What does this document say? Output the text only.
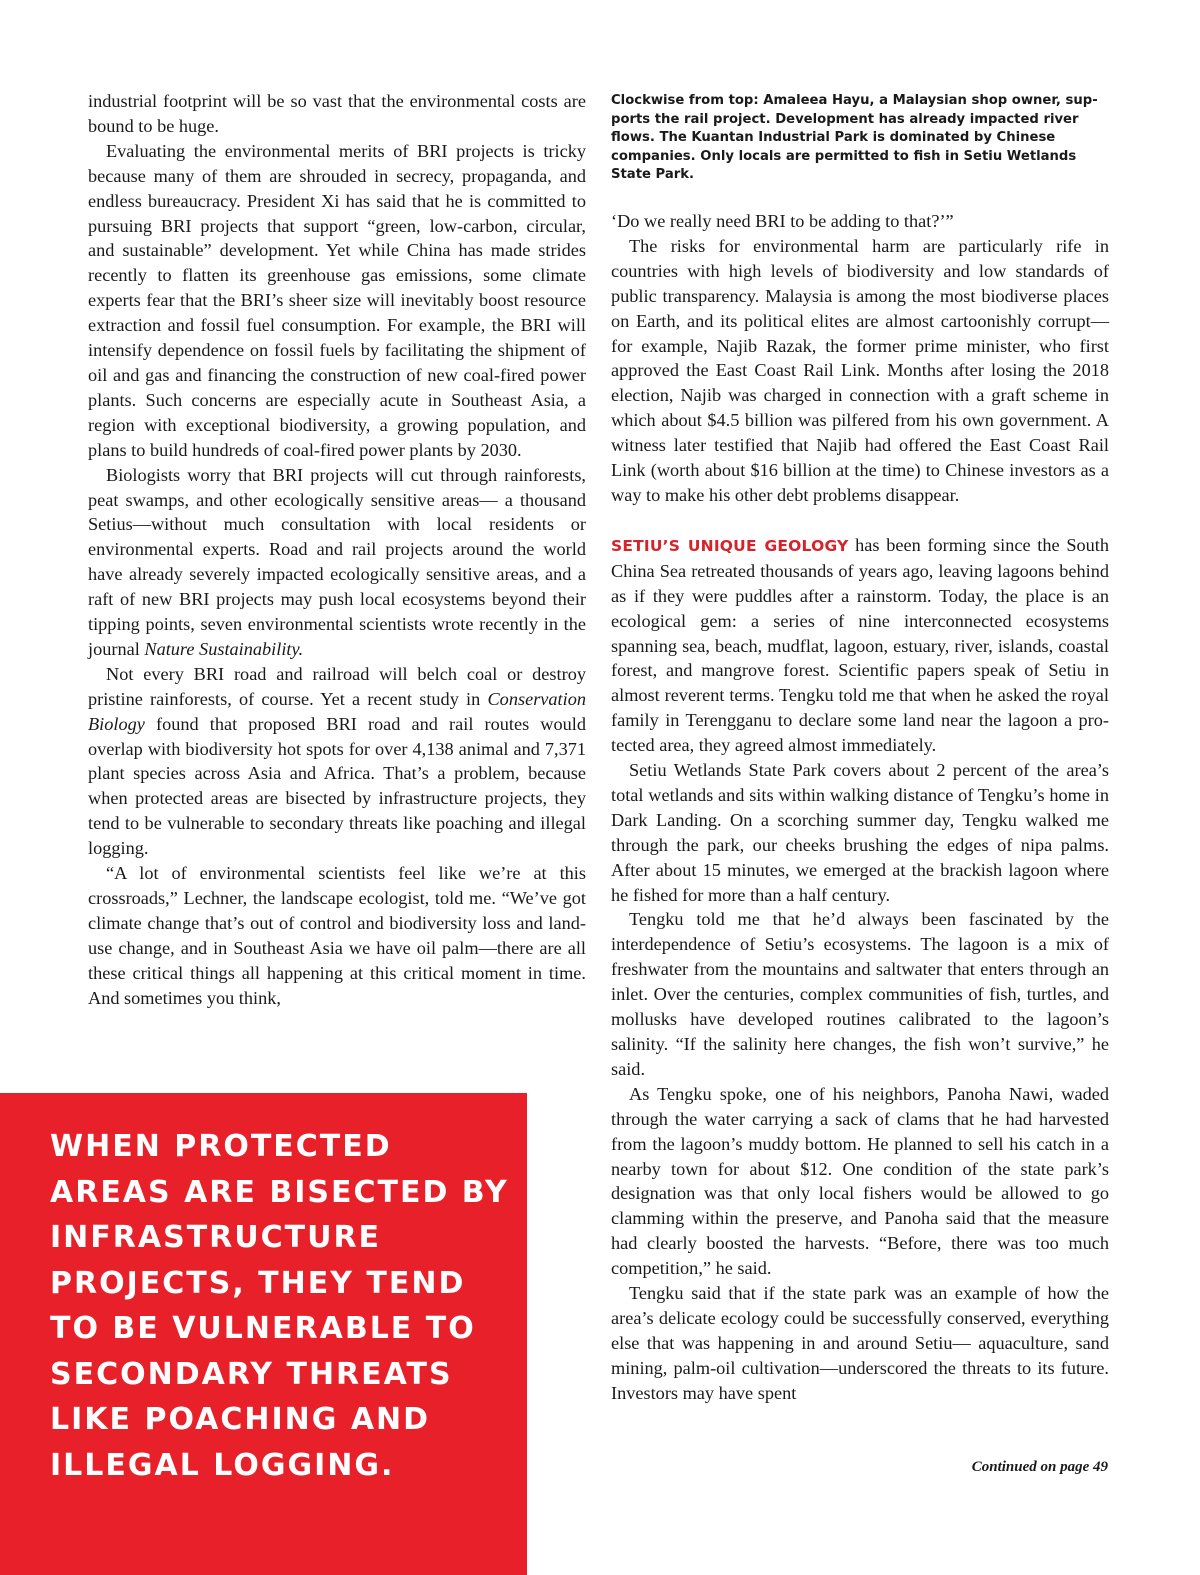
industrial footprint will be so vast that the environmental costs are bound to be huge.

Evaluating the environmental merits of BRI projects is tricky because many of them are shrouded in secrecy, propaganda, and endless bureaucracy. President Xi has said that he is committed to pursuing BRI projects that support “green, low-carbon, circular, and sustainable” development. Yet while China has made strides recently to flatten its greenhouse gas emissions, some climate experts fear that the BRI’s sheer size will inevitably boost resource extraction and fossil fuel consumption. For example, the BRI will intensify dependence on fossil fuels by facilitating the shipment of oil and gas and financing the construction of new coal-fired power plants. Such concerns are especially acute in Southeast Asia, a region with exceptional biodiversity, a growing population, and plans to build hundreds of coal-fired power plants by 2030.

Biologists worry that BRI projects will cut through rainforests, peat swamps, and other ecologically sensitive areas— a thousand Setius—without much consultation with local residents or environmental experts. Road and rail projects around the world have already severely impacted ecologically sensitive areas, and a raft of new BRI projects may push local ecosystems beyond their tipping points, seven environmental scientists wrote recently in the journal Nature Sustainability.

Not every BRI road and railroad will belch coal or destroy pristine rainforests, of course. Yet a recent study in Conservation Biology found that proposed BRI road and rail routes would overlap with biodiversity hot spots for over 4,138 animal and 7,371 plant species across Asia and Africa. That’s a problem, because when protected areas are bisected by infrastructure projects, they tend to be vulnerable to secondary threats like poaching and illegal logging.

“A lot of environmental scientists feel like we’re at this crossroads,” Lechner, the landscape ecologist, told me. “We’ve got climate change that’s out of control and biodiversity loss and land-use change, and in Southeast Asia we have oil palm—there are all these critical things all happening at this critical moment in time. And sometimes you think,

Clockwise from top: Amaleea Hayu, a Malaysian shop owner, supports the rail project. Development has already impacted river flows. The Kuantan Industrial Park is dominated by Chinese companies. Only locals are permitted to fish in Setiu Wetlands State Park.

‘Do we really need BRI to be adding to that?’”

The risks for environmental harm are particularly rife in countries with high levels of biodiversity and low standards of public transparency. Malaysia is among the most biodiverse places on Earth, and its political elites are almost cartoonishly corrupt—for example, Najib Razak, the former prime minister, who first approved the East Coast Rail Link. Months after losing the 2018 election, Najib was charged in connection with a graft scheme in which about $4.5 billion was pilfered from his own government. A witness later testified that Najib had offered the East Coast Rail Link (worth about $16 billion at the time) to Chinese investors as a way to make his other debt problems disappear.

SETIU’S UNIQUE GEOLOGY has been forming since the South China Sea retreated thousands of years ago, leaving lagoons behind as if they were puddles after a rainstorm. Today, the place is an ecological gem: a series of nine interconnected ecosystems spanning sea, beach, mudflat, lagoon, estuary, river, islands, coastal forest, and mangrove forest. Scientific papers speak of Setiu in almost reverent terms. Tengku told me that when he asked the royal family in Terengganu to declare some land near the lagoon a protected area, they agreed almost immediately.

Setiu Wetlands State Park covers about 2 percent of the area’s total wetlands and sits within walking distance of Tengku’s home in Dark Landing. On a scorching summer day, Tengku walked me through the park, our cheeks brushing the edges of nipa palms. After about 15 minutes, we emerged at the brackish lagoon where he fished for more than a half century.

Tengku told me that he’d always been fascinated by the interdependence of Setiu’s ecosystems. The lagoon is a mix of freshwater from the mountains and saltwater that enters through an inlet. Over the centuries, complex communities of fish, turtles, and mollusks have developed routines calibrated to the lagoon’s salinity. “If the salinity here changes, the fish won’t survive,” he said.

As Tengku spoke, one of his neighbors, Panoha Nawi, waded through the water carrying a sack of clams that he had harvested from the lagoon’s muddy bottom. He planned to sell his catch in a nearby town for about $12. One condition of the state park’s designation was that only local fishers would be allowed to go clamming within the preserve, and Panoha said that the measure had clearly boosted the harvests. “Before, there was too much competition,” he said.

Tengku said that if the state park was an example of how the area’s delicate ecology could be successfully conserved, everything else that was happening in and around Setiu— aquaculture, sand mining, palm-oil cultivation—underscored the threats to its future. Investors may have spent

Continued on page 49
WHEN PROTECTED AREAS ARE BISECTED BY INFRASTRUCTURE PROJECTS, THEY TEND TO BE VULNERABLE TO SECONDARY THREATS LIKE POACHING AND ILLEGAL LOGGING.
